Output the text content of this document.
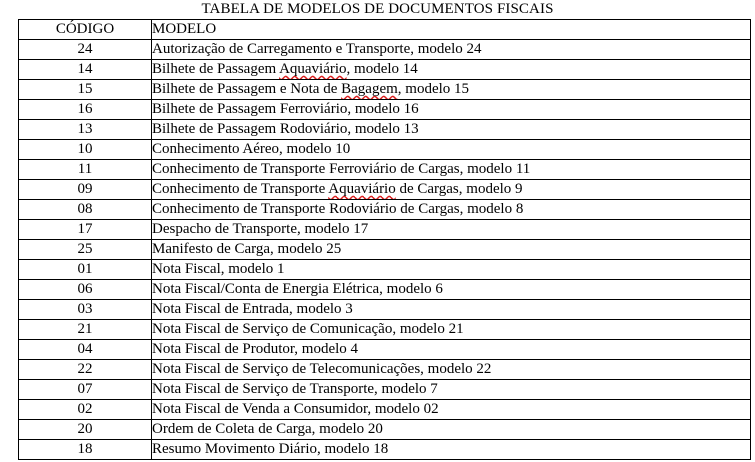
TABELA DE MODELOS DE DOCUMENTOS FISCAIS
CÓDIGO	MODELO
24	Autorização de Carregamento e Transporte, modelo 24
14	Bilhete de Passagem Aquaviário, modelo 14
15	Bilhete de Passagem e Nota de Bagagem, modelo 15
16	Bilhete de Passagem Ferroviário, modelo 16
13	Bilhete de Passagem Rodoviário, modelo 13
10	Conhecimento Aéreo, modelo 10
11	Conhecimento de Transporte Ferroviário de Cargas, modelo 11
09	Conhecimento de Transporte Aquaviário de Cargas, modelo 9
08	Conhecimento de Transporte Rodoviário de Cargas, modelo 8
17	Despacho de Transporte, modelo 17
25	Manifesto de Carga, modelo 25
01	Nota Fiscal, modelo 1
06	Nota Fiscal/Conta de Energia Elétrica, modelo 6
03	Nota Fiscal de Entrada, modelo 3
21	Nota Fiscal de Serviço de Comunicação, modelo 21
04	Nota Fiscal de Produtor, modelo 4
22	Nota Fiscal de Serviço de Telecomunicações, modelo 22
07	Nota Fiscal de Serviço de Transporte, modelo 7
02	Nota Fiscal de Venda a Consumidor, modelo 02
20	Ordem de Coleta de Carga, modelo 20
18	Resumo Movimento Diário, modelo 18
